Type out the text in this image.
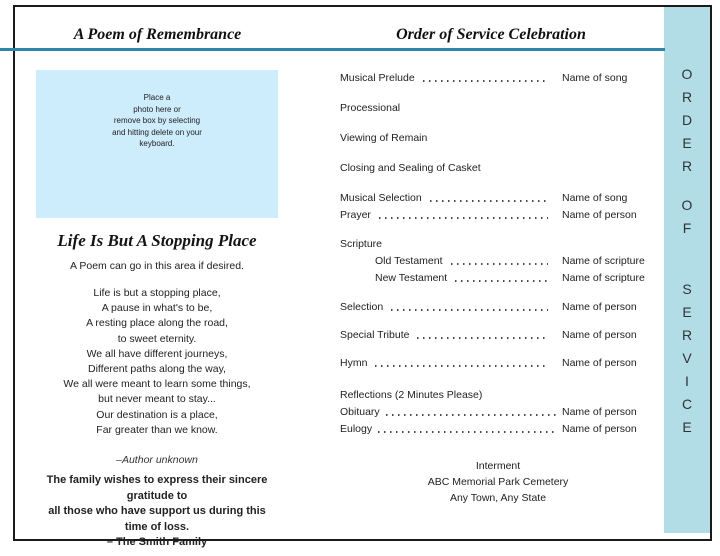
O
R
D
E
R
O
F
S
E
R
V
I
C
E
A Poem of Remembrance	Order of Service Celebration
Place a
photo here or
remove box by selecting
and hitting delete on your
keyboard.
Life Is But A Stopping Place
A Poem can go in this area if desired.
Life is but a stopping place,
A pause in what's to be,
A resting place along the road,
to sweet eternity.
We all have different journeys,
Different paths along the way,
We all were meant to learn some things,
but never meant to stay...
Our destination is a place,
Far greater than we know.
–Author unknown
The family wishes to express their sincere gratitude to
all those who have support us during this time of loss.
– The Smith Family
Musical Prelude	Name of song
Processional
Viewing of Remain
Closing and Sealing of Casket
Musical Selection	Name of song
Prayer	Name of person
Scripture
Old Testament	Name of scripture
New Testament	Name of scripture
Selection	Name of person
Special Tribute	Name of person
Hymn	Name of person
Reflections (2 Minutes Please)
Obituary	Name of person
Eulogy	Name of person
Interment
ABC Memorial Park Cemetery
Any Town, Any State
